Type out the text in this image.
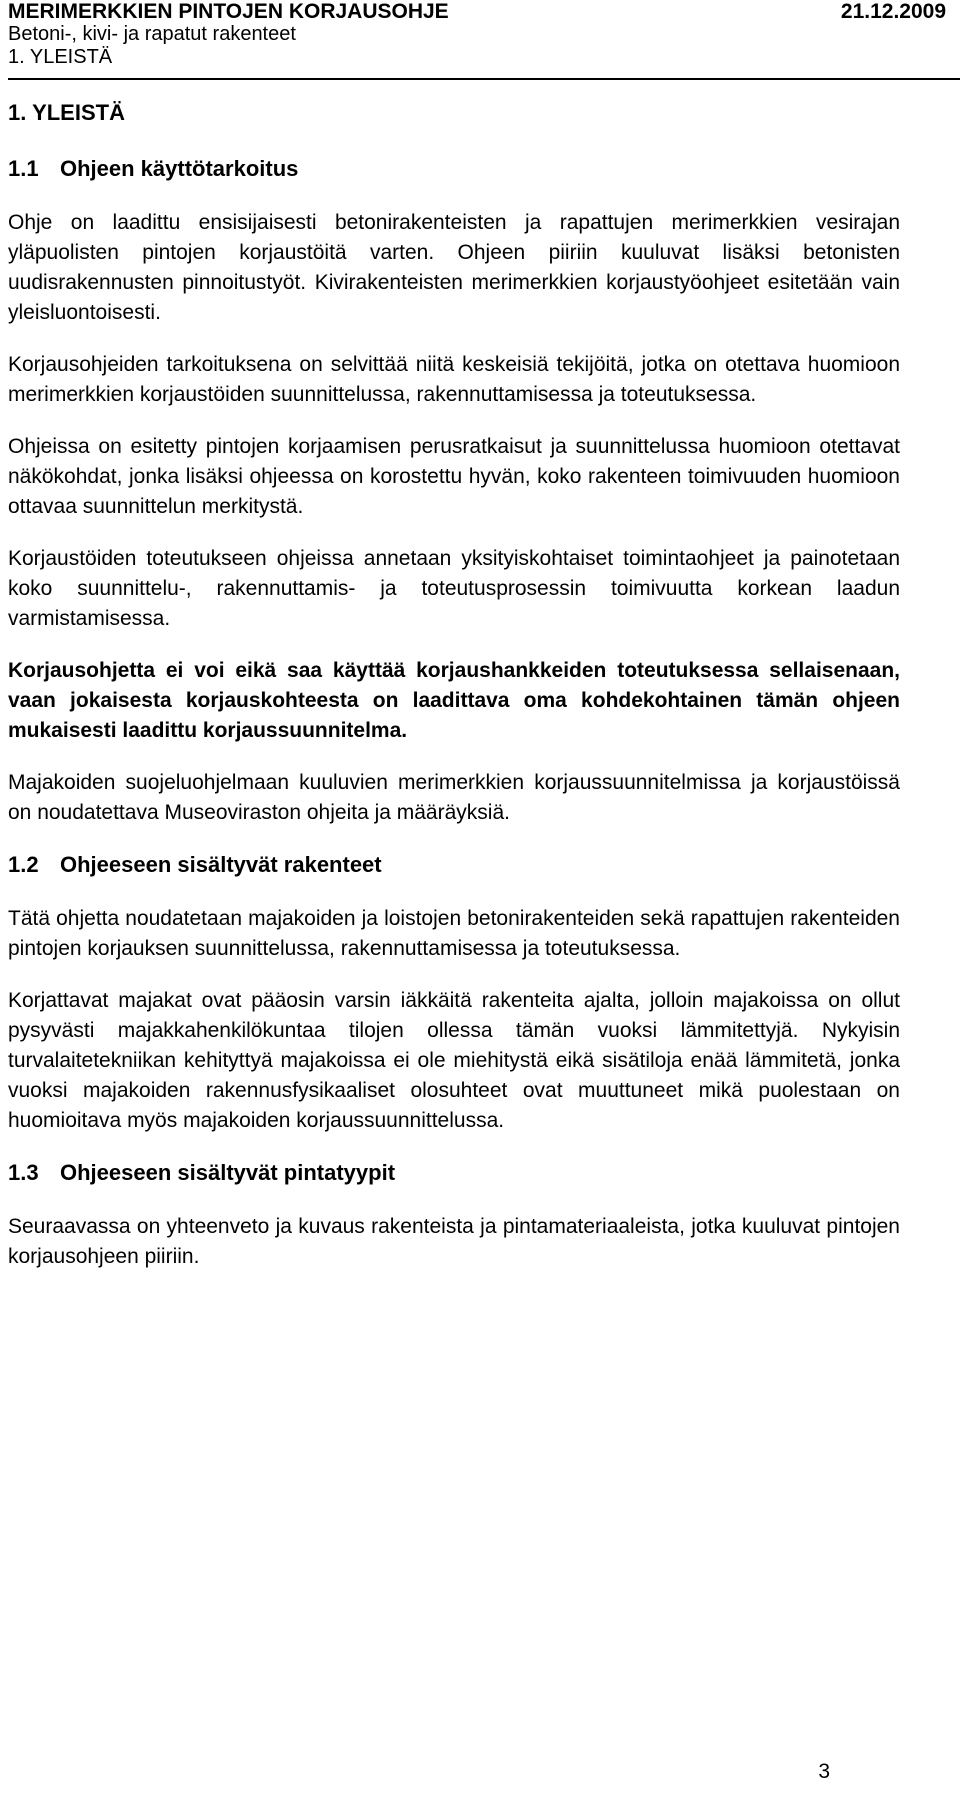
MERIMERKKIEN PINTOJEN KORJAUSOHJE	21.12.2009
Betoni-, kivi- ja rapatut rakenteet
1. YLEISTÄ
1. YLEISTÄ
1.1 Ohjeen käyttötarkoitus

Ohje on laadittu ensisijaisesti betonirakenteisten ja rapattujen merimerkkien vesirajan yläpuolisten pintojen korjaustöitä varten. Ohjeen piiriin kuuluvat lisäksi betonisten uudisrakennusten pinnoitustyöt. Kivirakenteisten merimerkkien korjaustyöohjeet esitetään vain yleisluontoisesti.

Korjausohjeiden tarkoituksena on selvittää niitä keskeisiä tekijöitä, jotka on otettava huomioon merimerkkien korjaustöiden suunnittelussa, rakennuttamisessa ja toteutuksessa.

Ohjeissa on esitetty pintojen korjaamisen perusratkaisut ja suunnittelussa huomioon otettavat näkökohdat, jonka lisäksi ohjeessa on korostettu hyvän, koko rakenteen toimivuuden huomioon ottavaa suunnittelun merkitystä.

Korjaustöiden toteutukseen ohjeissa annetaan yksityiskohtaiset toimintaohjeet ja painotetaan koko suunnittelu-, rakennuttamis- ja toteutusprosessin toimivuutta korkean laadun varmistamisessa.

Korjausohjetta ei voi eikä saa käyttää korjaushankkeiden toteutuksessa sellaisenaan, vaan jokaisesta korjauskohteesta on laadittava oma kohdekohtainen tämän ohjeen mukaisesti laadittu korjaussuunnitelma.

Majakoiden suojeluohjelmaan kuuluvien merimerkkien korjaussuunnitelmissa ja korjaustöissä on noudatettava Museoviraston ohjeita ja määräyksiä.

1.2 Ohjeeseen sisältyvät rakenteet

Tätä ohjetta noudatetaan majakoiden ja loistojen betonirakenteiden sekä rapattujen rakenteiden pintojen korjauksen suunnittelussa, rakennuttamisessa ja toteutuksessa.

Korjattavat majakat ovat pääosin varsin iäkkäitä rakenteita ajalta, jolloin majakoissa on ollut pysyvästi majakkahenkilökuntaa tilojen ollessa tämän vuoksi lämmitettyjä. Nykyisin turvalaitetekniikan kehityttyä majakoissa ei ole miehitystä eikä sisätiloja enää lämmitetä, jonka vuoksi majakoiden rakennusfysikaaliset olosuhteet ovat muuttuneet mikä puolestaan on huomioitava myös majakoiden korjaussuunnittelussa.

1.3 Ohjeeseen sisältyvät pintatyypit

Seuraavassa on yhteenveto ja kuvaus rakenteista ja pintamateriaaleista, jotka kuuluvat pintojen korjausohjeen piiriin.

3
